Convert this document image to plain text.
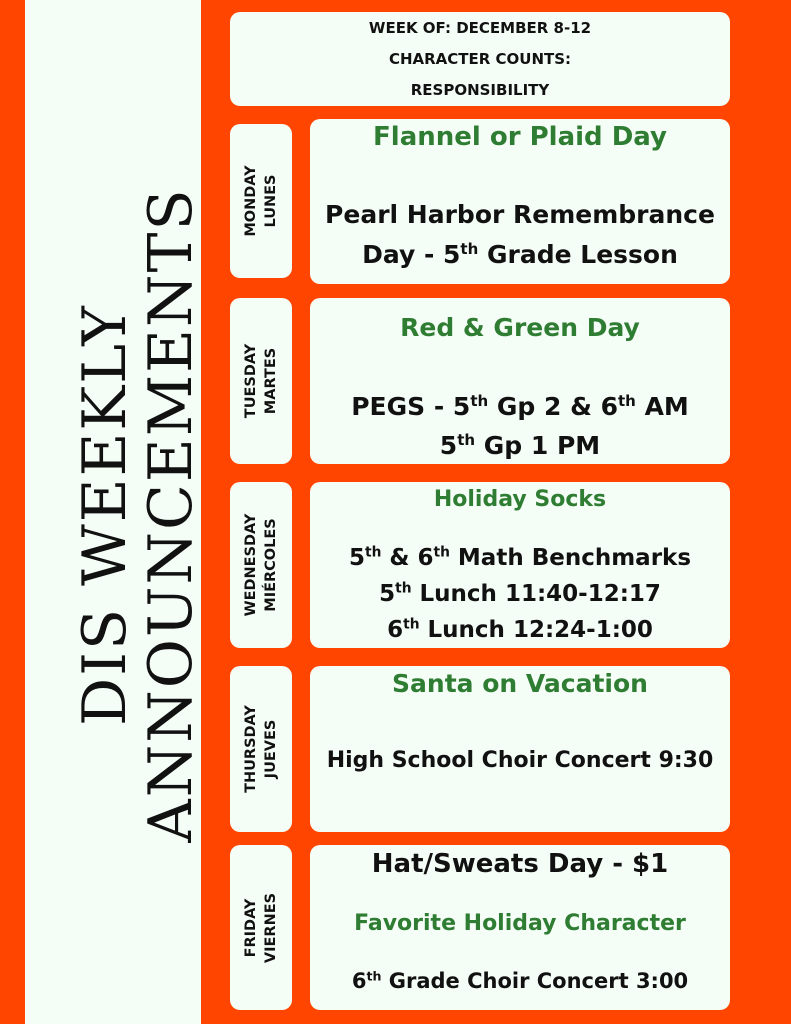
DIS WEEKLY
ANNOUNCEMENTS
WEEK OF: DECEMBER 8-12
CHARACTER COUNTS:
RESPONSIBILITY
MONDAY LUNES
Flannel or Plaid Day
Pearl Harbor Remembrance
Day - 5th Grade Lesson
TUESDAY MARTES
Red & Green Day
PEGS - 5th Gp 2 & 6th AM
5th Gp 1 PM
WEDNESDAY MIÉRCOLES
Holiday Socks
5th & 6th Math Benchmarks
5th Lunch 11:40-12:17
6th Lunch 12:24-1:00
THURSDAY JUEVES
Santa on Vacation
High School Choir Concert 9:30
FRIDAY VIERNES
Hat/Sweats Day - $1
Favorite Holiday Character
6th Grade Choir Concert 3:00
